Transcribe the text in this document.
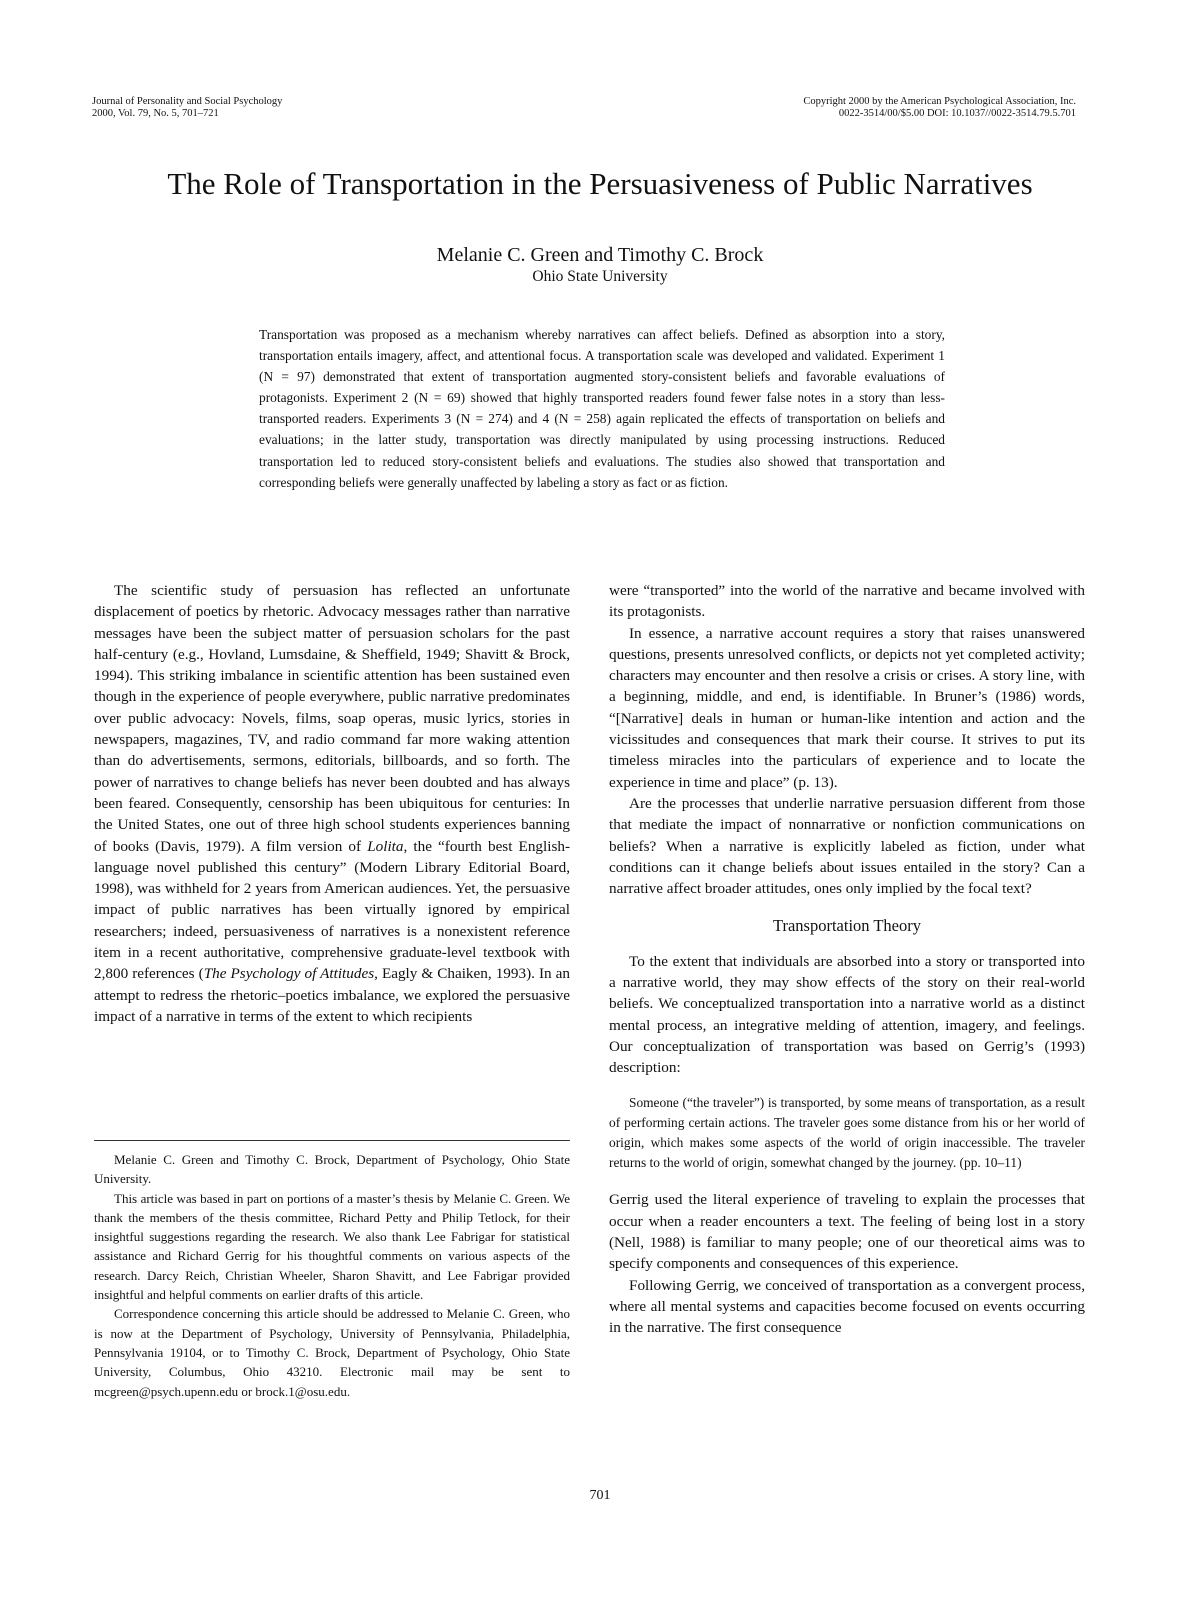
Journal of Personality and Social Psychology
2000, Vol. 79, No. 5, 701–721
Copyright 2000 by the American Psychological Association, Inc.
0022-3514/00/$5.00 DOI: 10.1037//0022-3514.79.5.701
The Role of Transportation in the Persuasiveness of Public Narratives
Melanie C. Green and Timothy C. Brock
Ohio State University

Transportation was proposed as a mechanism whereby narratives can affect beliefs. Defined as absorption into a story, transportation entails imagery, affect, and attentional focus. A transportation scale was developed and validated. Experiment 1 (N = 97) demonstrated that extent of transportation augmented story-consistent beliefs and favorable evaluations of protagonists. Experiment 2 (N = 69) showed that highly transported readers found fewer false notes in a story than less-transported readers. Experiments 3 (N = 274) and 4 (N = 258) again replicated the effects of transportation on beliefs and evaluations; in the latter study, transportation was directly manipulated by using processing instructions. Reduced transportation led to reduced story-consistent beliefs and evaluations. The studies also showed that transportation and corresponding beliefs were generally unaffected by labeling a story as fact or as fiction.

The scientific study of persuasion has reflected an unfortunate displacement of poetics by rhetoric. Advocacy messages rather than narrative messages have been the subject matter of persuasion scholars for the past half-century (e.g., Hovland, Lumsdaine, & Sheffield, 1949; Shavitt & Brock, 1994). This striking imbalance in scientific attention has been sustained even though in the experience of people everywhere, public narrative predominates over public advocacy: Novels, films, soap operas, music lyrics, stories in newspapers, magazines, TV, and radio command far more waking attention than do advertisements, sermons, editorials, billboards, and so forth. The power of narratives to change beliefs has never been doubted and has always been feared. Consequently, censorship has been ubiquitous for centuries: In the United States, one out of three high school students experiences banning of books (Davis, 1979). A film version of Lolita, the “fourth best English-language novel published this century” (Modern Library Editorial Board, 1998), was withheld for 2 years from American audiences. Yet, the persuasive impact of public narratives has been virtually ignored by empirical researchers; indeed, persuasiveness of narratives is a nonexistent reference item in a recent authoritative, comprehensive graduate-level textbook with 2,800 references (The Psychology of Attitudes, Eagly & Chaiken, 1993). In an attempt to redress the rhetoric–poetics imbalance, we explored the persuasive impact of a narrative in terms of the extent to which recipients

were “transported” into the world of the narrative and became involved with its protagonists.

In essence, a narrative account requires a story that raises unanswered questions, presents unresolved conflicts, or depicts not yet completed activity; characters may encounter and then resolve a crisis or crises. A story line, with a beginning, middle, and end, is identifiable. In Bruner’s (1986) words, “[Narrative] deals in human or human-like intention and action and the vicissitudes and consequences that mark their course. It strives to put its timeless miracles into the particulars of experience and to locate the experience in time and place” (p. 13).

Are the processes that underlie narrative persuasion different from those that mediate the impact of nonnarrative or nonfiction communications on beliefs? When a narrative is explicitly labeled as fiction, under what conditions can it change beliefs about issues entailed in the story? Can a narrative affect broader attitudes, ones only implied by the focal text?

Transportation Theory

To the extent that individuals are absorbed into a story or transported into a narrative world, they may show effects of the story on their real-world beliefs. We conceptualized transportation into a narrative world as a distinct mental process, an integrative melding of attention, imagery, and feelings. Our conceptualization of transportation was based on Gerrig’s (1993) description:

Someone (“the traveler”) is transported, by some means of transportation, as a result of performing certain actions. The traveler goes some distance from his or her world of origin, which makes some aspects of the world of origin inaccessible. The traveler returns to the world of origin, somewhat changed by the journey. (pp. 10–11)

Gerrig used the literal experience of traveling to explain the processes that occur when a reader encounters a text. The feeling of being lost in a story (Nell, 1988) is familiar to many people; one of our theoretical aims was to specify components and consequences of this experience.

Following Gerrig, we conceived of transportation as a convergent process, where all mental systems and capacities become focused on events occurring in the narrative. The first consequence

Melanie C. Green and Timothy C. Brock, Department of Psychology, Ohio State University.

This article was based in part on portions of a master’s thesis by Melanie C. Green. We thank the members of the thesis committee, Richard Petty and Philip Tetlock, for their insightful suggestions regarding the research. We also thank Lee Fabrigar for statistical assistance and Richard Gerrig for his thoughtful comments on various aspects of the research. Darcy Reich, Christian Wheeler, Sharon Shavitt, and Lee Fabrigar provided insightful and helpful comments on earlier drafts of this article.

Correspondence concerning this article should be addressed to Melanie C. Green, who is now at the Department of Psychology, University of Pennsylvania, Philadelphia, Pennsylvania 19104, or to Timothy C. Brock, Department of Psychology, Ohio State University, Columbus, Ohio 43210. Electronic mail may be sent to mcgreen@psych.upenn.edu or brock.1@osu.edu.

701
